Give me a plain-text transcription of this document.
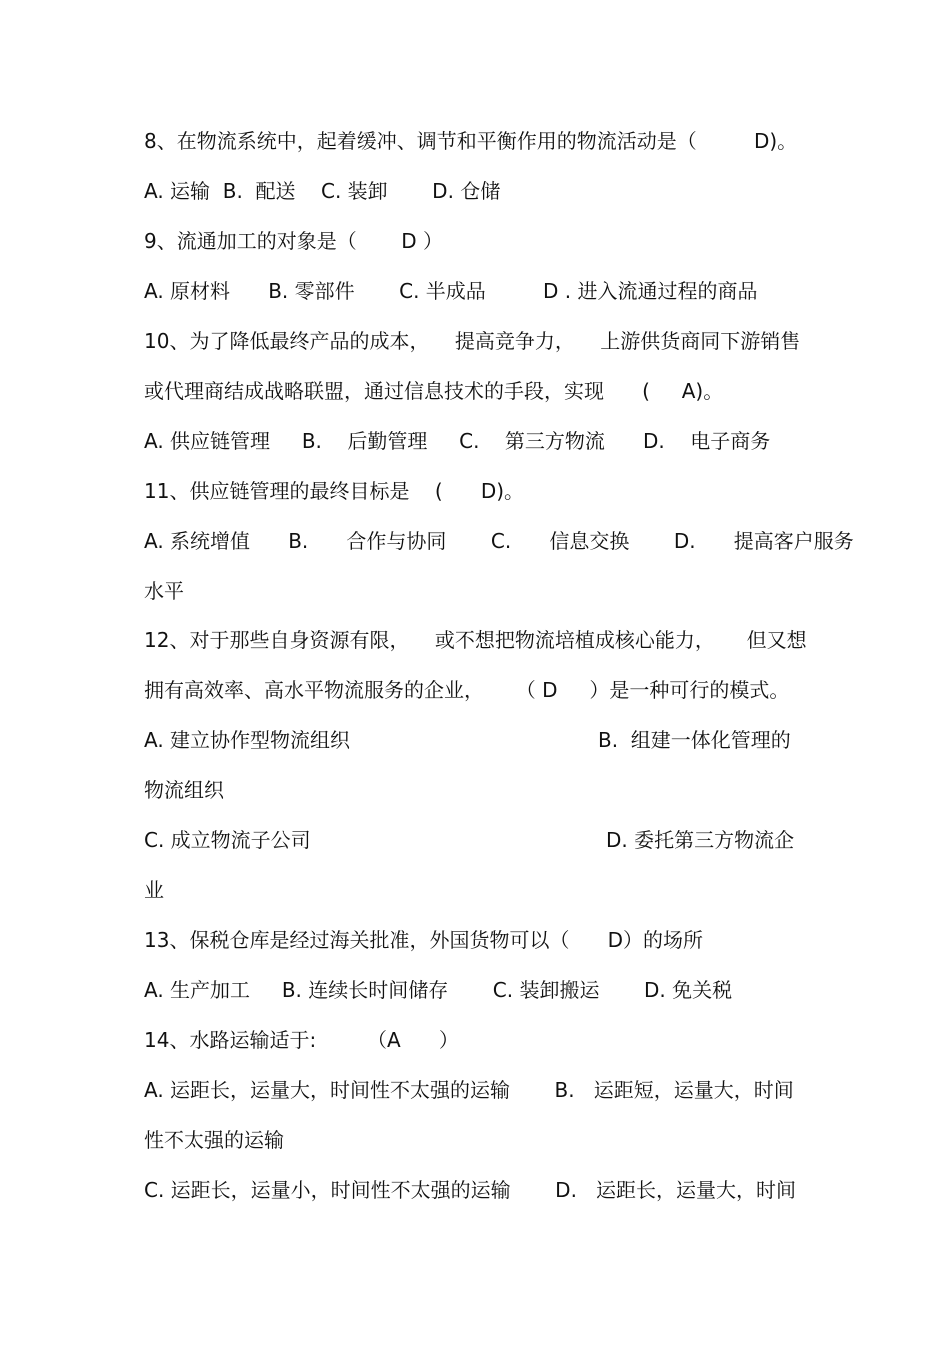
8、在物流系统中，起着缓冲、调节和平衡作用的物流活动是（         D)。
A. 运输  B.  配送    C. 装卸       D. 仓储
9、流通加工的对象是（       D ）
A. 原材料      B. 零部件       C. 半成品         D . 进入流通过程的商品
10、为了降低最终产品的成本，    提高竞争力，    上游供货商同下游销售
或代理商结成战略联盟，通过信息技术的手段，实现      (     A)。
A. 供应链管理     B.    后勤管理     C.    第三方物流      D.    电子商务
11、供应链管理的最终目标是    (      D)。
A. 系统增值      B.      合作与协同       C.      信息交换       D.      提高客户服务
水平
12、对于那些自身资源有限，    或不想把物流培植成核心能力，     但又想
拥有高效率、高水平物流服务的企业，     （ D     ）是一种可行的模式。
A. 建立协作型物流组织	B.  组建一体化管理的
物流组织
C. 成立物流子公司	D. 委托第三方物流企
业
13、保税仓库是经过海关批准，外国货物可以（      D）的场所
A. 生产加工     B. 连续长时间储存       C. 装卸搬运       D. 免关税
14、水路运输适于:        （A      ）
A. 运距长，运量大，时间性不太强的运输       B.   运距短，运量大，时间
性不太强的运输
C. 运距长，运量小，时间性不太强的运输       D.   运距长，运量大，时间
